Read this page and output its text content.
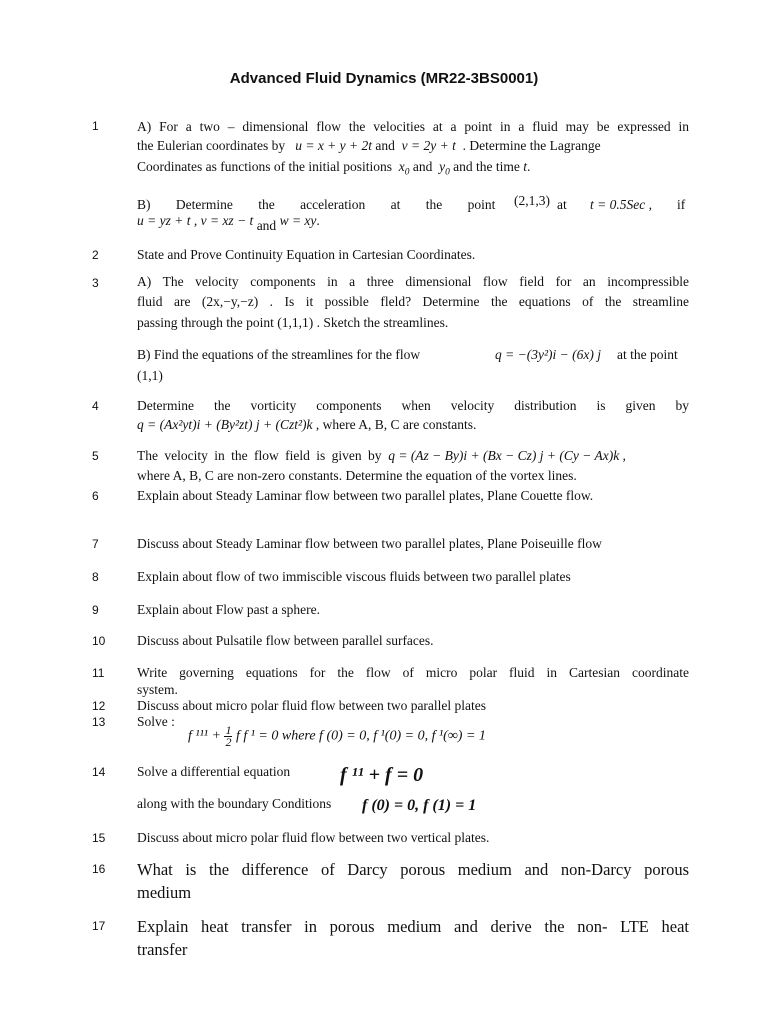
Advanced Fluid Dynamics (MR22-3BS0001)
1	A) For a two – dimensional flow the velocities at a point in a fluid may be expressed in
the Eulerian coordinates by u = x + y + 2t and v = 2y + t . Determine the Lagrange
Coordinates as functions of the initial positions $x_0$ and $y_0$ and the time t.
B) Determine the acceleration at the point (2,1,3) at t = 0.5Sec , if
u = yz + t , v = xz − t and w = xy.
2	State and Prove Continuity Equation in Cartesian Coordinates.
3	A) The velocity components in a three dimensional flow field for an incompressible
fluid are (2x,−y,−z) . Is it possible fleld? Determine the equations of the streamline
passing through the point (1,1,1) . Sketch the streamlines.
B) Find the equations of the streamlines for the flow	q = −(3y²)i − (6x) j at the point
(1,1)
4	Determine the vorticity components when velocity distribution is given by
q = (Ax²yt)i + (By²zt) j + (Czt²)k , where A, B, C are constants.
5	The velocity in the flow field is given by q = (Az − By)i + (Bx − Cz) j + (Cy − Ax)k ,
where A, B, C are non-zero constants. Determine the equation of the vortex lines.
6	Explain about Steady Laminar flow between two parallel plates, Plane Couette flow.
7	Discuss about Steady Laminar flow between two parallel plates, Plane Poiseuille flow
8	Explain about flow of two immiscible viscous fluids between two parallel plates
9	Explain about Flow past a sphere.
10 Discuss about Pulsatile flow between parallel surfaces.
11 Write governing equations for the flow of micro polar fluid in Cartesian coordinate
system.
12 Discuss about micro polar fluid flow between two parallel plates
13 Solve :
f $^{111} + \frac{1}{2}$ f f ¹ = 0 where f (0) = 0, f ¹(0) = 0, f ¹(∞) = 1
14 Solve a differential equation	f ¹¹ + f = 0
along with the boundary Conditions	f (0) = 0, f (1) = 1
15 Discuss about micro polar fluid flow between two vertical plates.
16 What is the difference of Darcy porous medium and non-Darcy porous
medium
17 Explain heat transfer in porous medium and derive the non- LTE heat
transfer
